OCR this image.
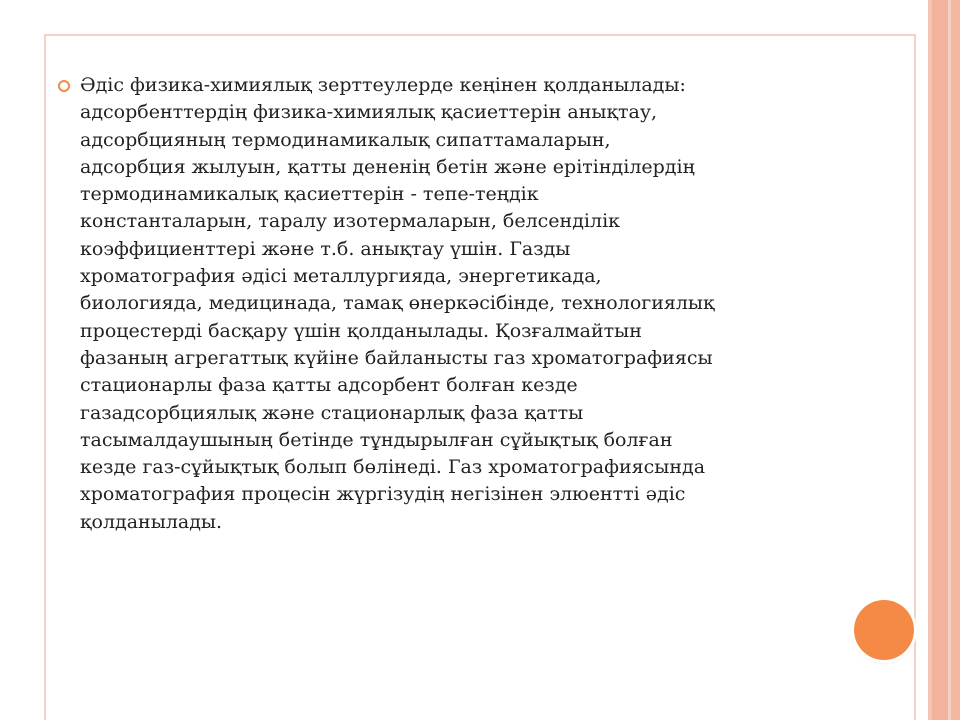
Әдіс физика-химиялық зерттеулерде кеңінен қолданылады:
адсорбенттердің физика-химиялық қасиеттерін анықтау,
адсорбцияның термодинамикалық сипаттамаларын,
адсорбция жылуын, қатты дененің бетін және ерітінділердің
термодинамикалық қасиеттерін - тепе-теңдік
константаларын, таралу изотермаларын, белсенділік
коэффициенттері және т.б. анықтау үшін. Газды
хроматография әдісі металлургияда, энергетикада,
биологияда, медицинада, тамақ өнеркәсібінде, технологиялық
процестерді басқару үшін қолданылады. Қозғалмайтын
фазаның агрегаттық күйіне байланысты газ хроматографиясы
стационарлы фаза қатты адсорбент болған кезде
газадсорбциялық және стационарлық фаза қатты
тасымалдаушының бетінде тұндырылған сұйықтық болған
кезде газ-сұйықтық болып бөлінеді. Газ хроматографиясында
хроматография процесін жүргізудің негізінен элюентті әдіс
қолданылады.
